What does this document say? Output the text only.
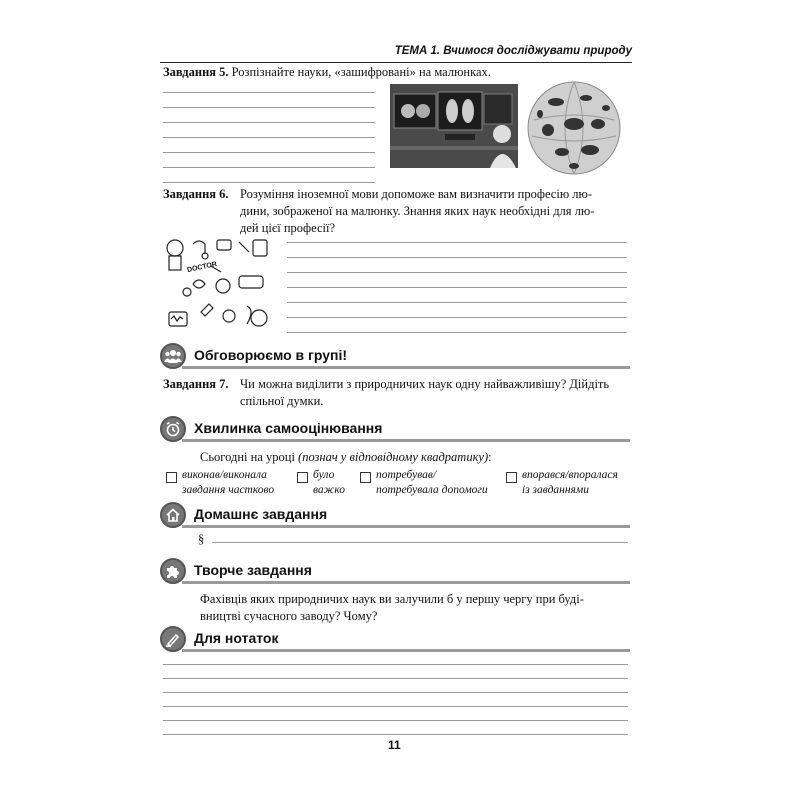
ТЕМА 1. Вчимося досліджувати природу
Завдання 5. Розпізнайте науки, «зашифровані» на малюнках.
Завдання 6. Розуміння іноземної мови допоможе вам визначити професію лю-
дини, зображеної на малюнку. Знання яких наук необхідні для лю-
дей цієї професії?
DOCTOR
Обговорюємо в групі!
Завдання 7. Чи можна виділити з природничих наук одну найважливішу? Дійдіть
спільної думки.
Хвилинка самооцінювання
Сьогодні на уроці (познач у відповідному квадратику):
виконав/виконала
завдання частково
було
важко
потребував/
потребувала допомоги
впорався/впоралася
із завданнями
Домашнє завдання
§
Творче завдання
Фахівців яких природничих наук ви залучили б у першу чергу при буді-
вництві сучасного заводу? Чому?
Для нотаток
11
